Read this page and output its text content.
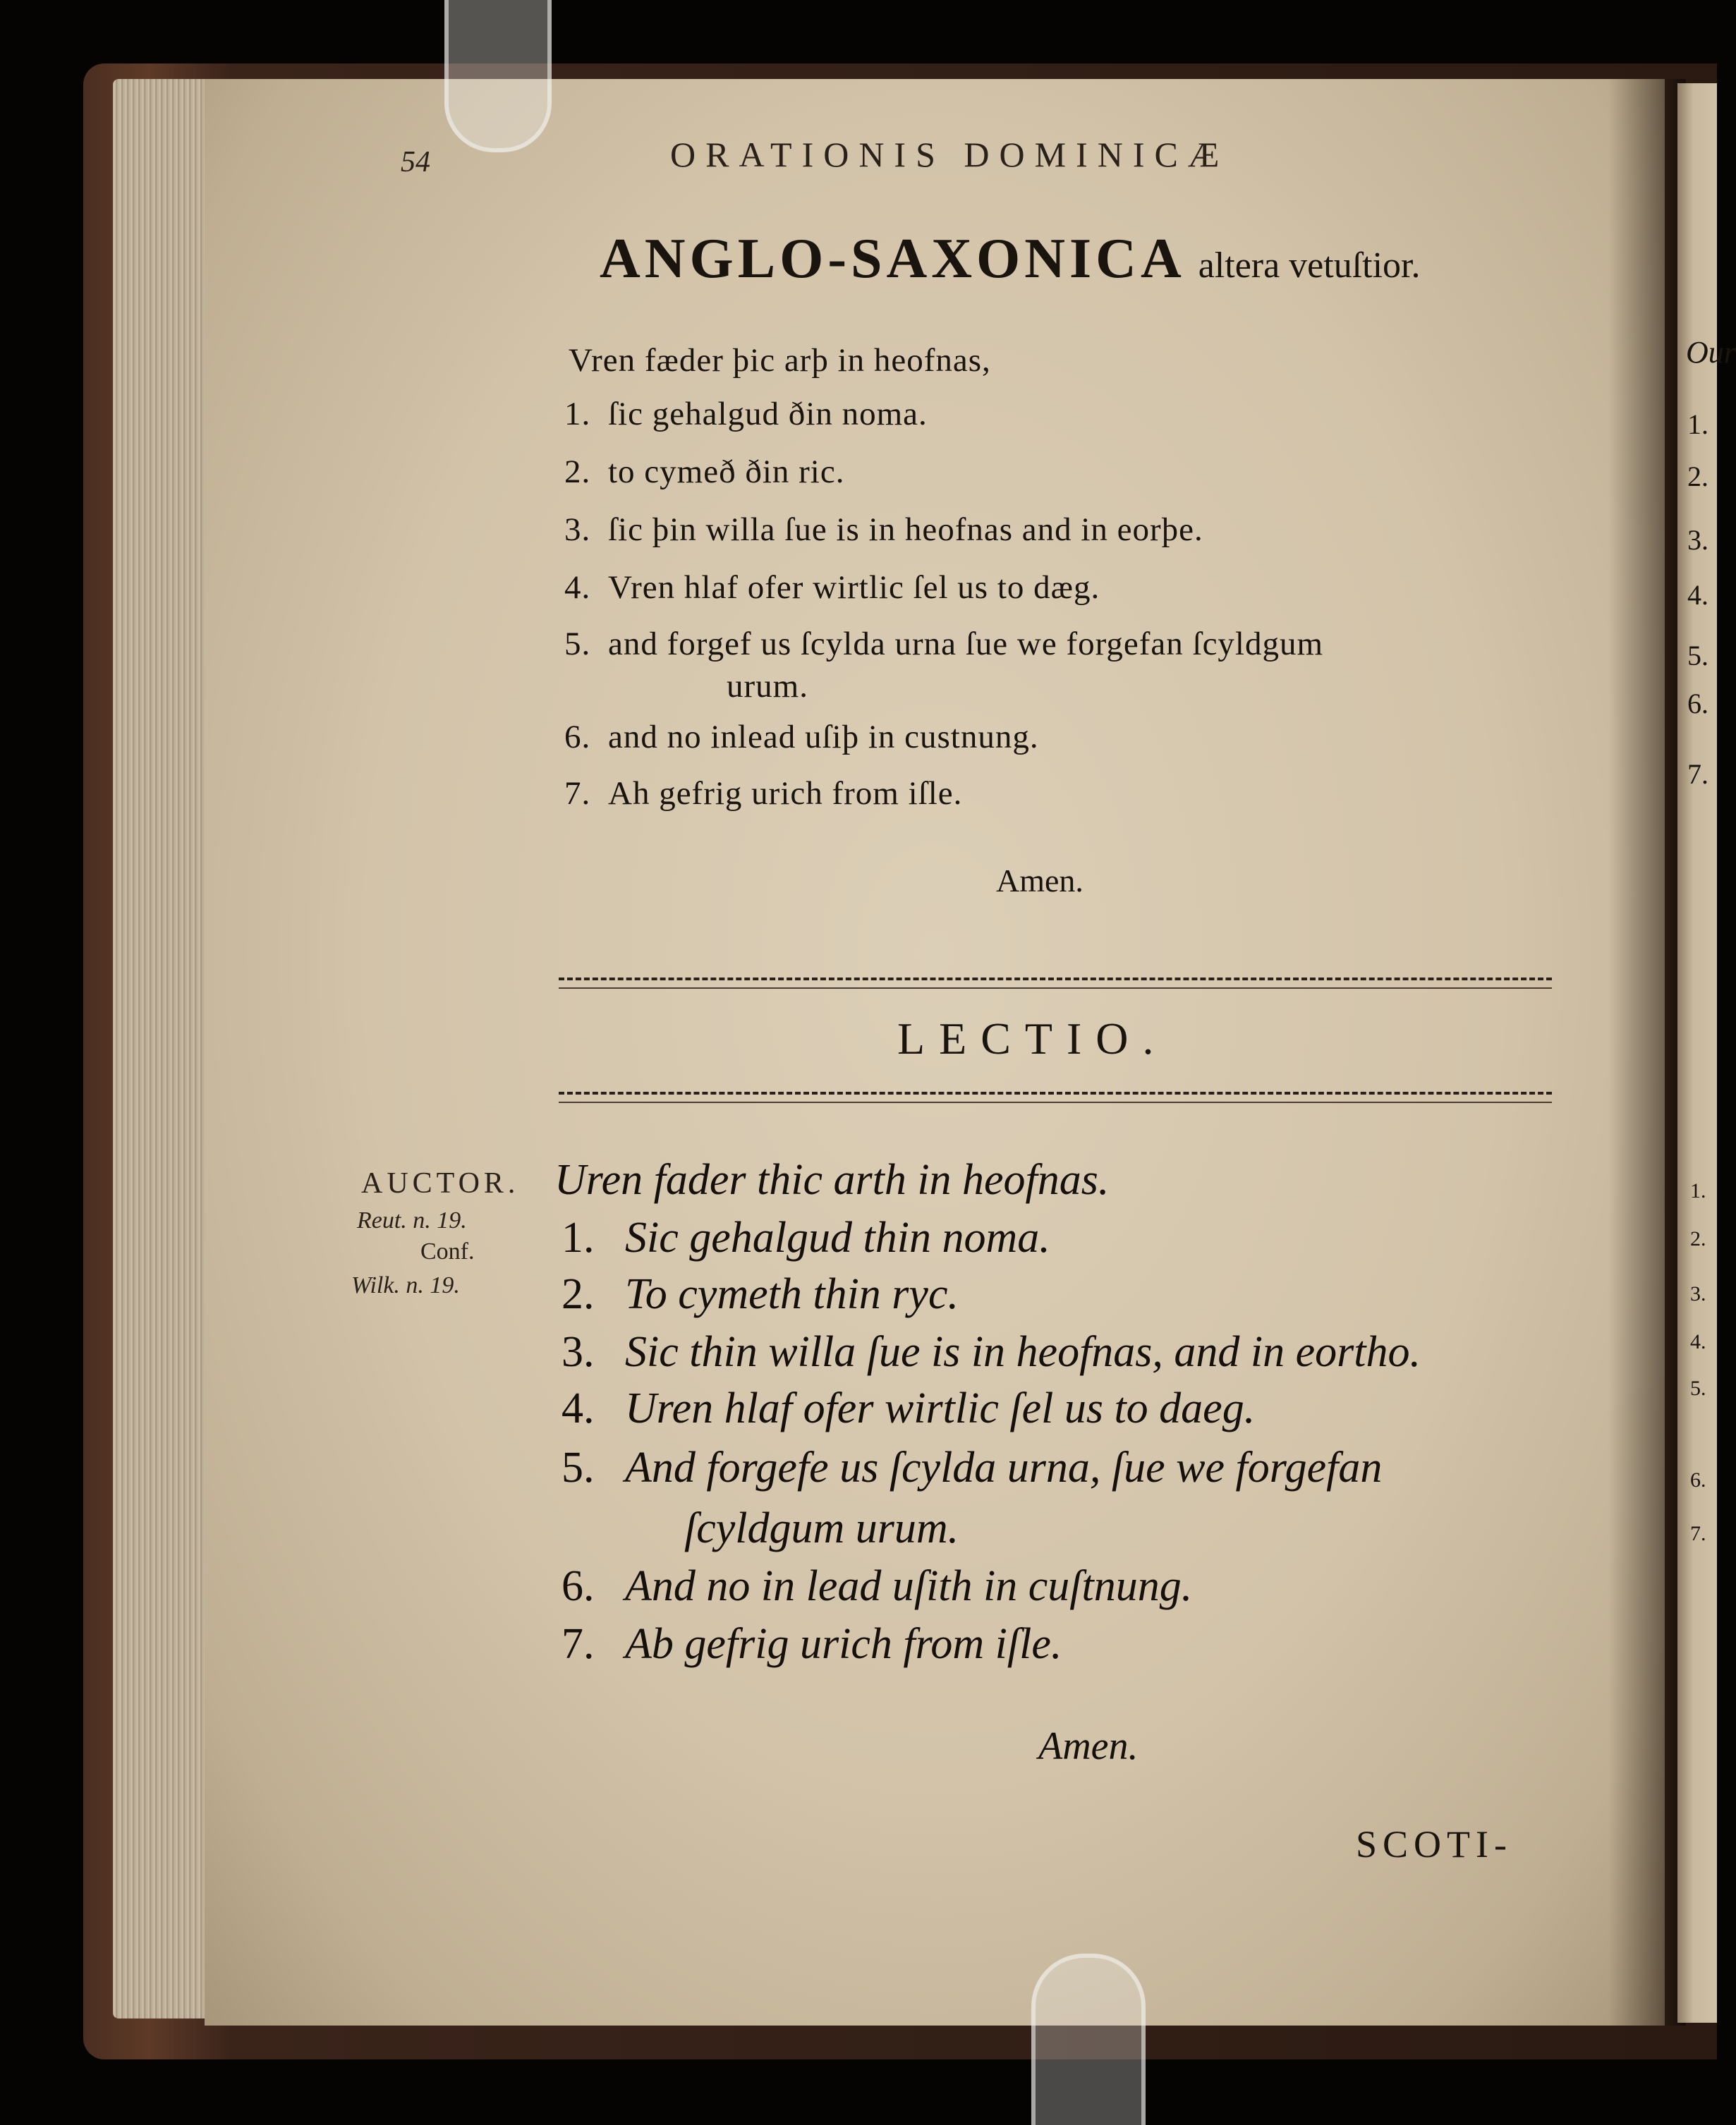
54	ORATIONIS DOMINICÆ
ANGLO-SAXONICA altera vetuſtior.
Vren fæder þic arþ in heofnas,
1. ſic gehalgud ðin noma.
2. to cymeð ðin ric.
3. ſic þin willa ſue is in heofnas and in eorþe.
4. Vren hlaf ofer wirtlic ſel us to dæg.
5. and forgef us ſcylda urna ſue we forgefan ſcyldgum
urum.
6. and no inlead uſiþ in custnung.
7. Ah gefrig urich from iſle.
Amen.
LECTIO.
AUCTOR.
Reut. n. 19.
Conf.
Wilk. n. 19.
Uren fader thic arth in heofnas.
1. Sic gehalgud thin noma.
2. To cymeth thin ryc.
3. Sic thin willa ſue is in heofnas, and in eortho.
4. Uren hlaf ofer wirtlic ſel us to daeg.
5. And forgefe us ſcylda urna, ſue we forgefan
ſcyldgum urum.
6. And no in lead uſith in cuſtnung.
7. Ab gefrig urich from iſle.
Amen.
SCOTI-
Our
1.
2.
3.
4.
5.
6.
7.
1.
2.
3.
4.
5.
6.
7.
